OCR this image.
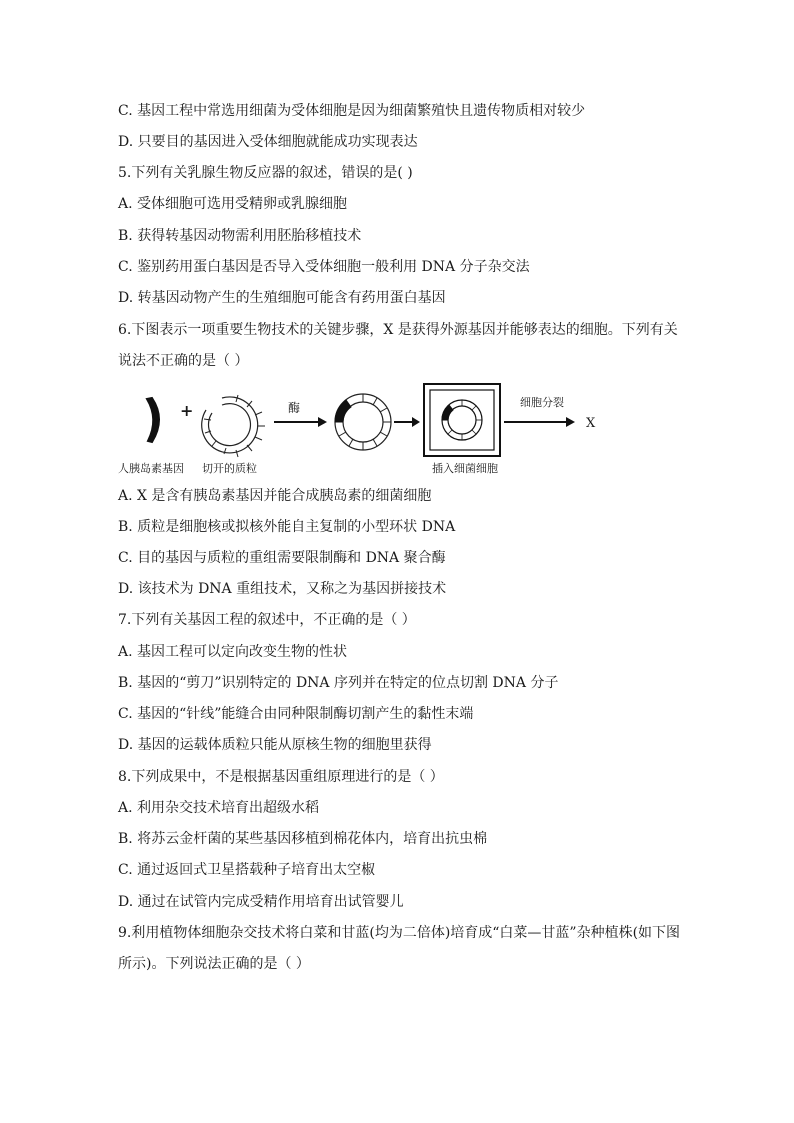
C. 基因工程中常选用细菌为受体细胞是因为细菌繁殖快且遗传物质相对较少
D. 只要目的基因进入受体细胞就能成功实现表达
5.下列有关乳腺生物反应器的叙述，错误的是( )
A. 受体细胞可选用受精卵或乳腺细胞
B. 获得转基因动物需利用胚胎移植技术
C. 鉴别药用蛋白基因是否导入受体细胞一般利用 DNA 分子杂交法
D. 转基因动物产生的生殖细胞可能含有药用蛋白基因
6.下图表示一项重要生物技术的关键步骤，X 是获得外源基因并能够表达的细胞。下列有关
说法不正确的是（ ）
+	酶
人胰岛素基因 切开的质粒	插入细菌细胞
细胞分裂
X
A. X 是含有胰岛素基因并能合成胰岛素的细菌细胞
B. 质粒是细胞核或拟核外能自主复制的小型环状 DNA
C. 目的基因与质粒的重组需要限制酶和 DNA 聚合酶
D. 该技术为 DNA 重组技术，又称之为基因拼接技术
7.下列有关基因工程的叙述中，不正确的是（ ）
A. 基因工程可以定向改变生物的性状
B. 基因的“剪刀”识别特定的 DNA 序列并在特定的位点切割 DNA 分子
C. 基因的“针线”能缝合由同种限制酶切割产生的黏性末端
D. 基因的运载体质粒只能从原核生物的细胞里获得
8.下列成果中，不是根据基因重组原理进行的是（ ）
A. 利用杂交技术培育出超级水稻
B. 将苏云金杆菌的某些基因移植到棉花体内，培育出抗虫棉
C. 通过返回式卫星搭载种子培育出太空椒
D. 通过在试管内完成受精作用培育出试管婴儿
9.利用植物体细胞杂交技术将白菜和甘蓝(均为二倍体)培育成“白菜—甘蓝”杂种植株(如下图
所示)。下列说法正确的是（ ）
